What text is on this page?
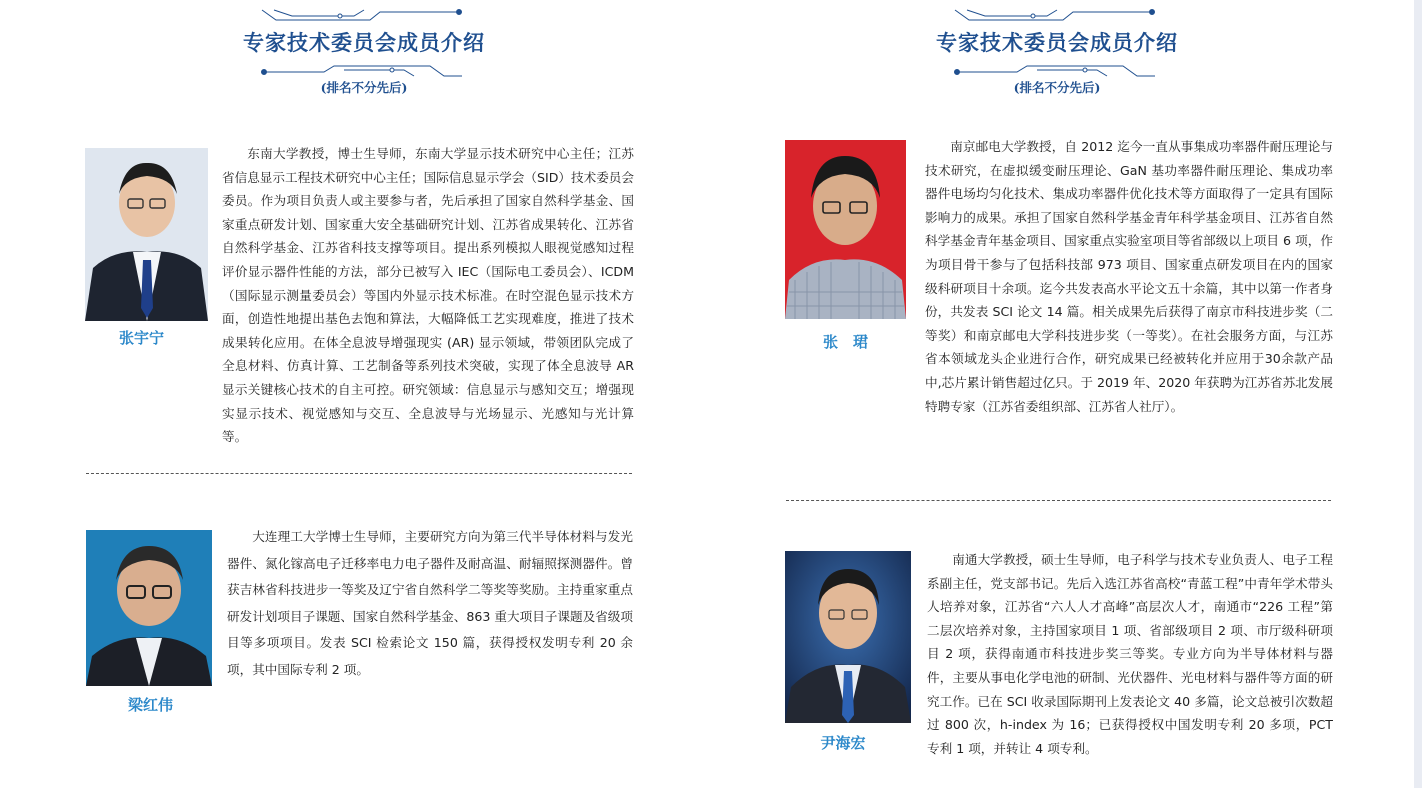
专家技术委员会成员介绍
(排名不分先后)
专家技术委员会成员介绍
(排名不分先后)
张宇宁

东南大学教授，博士生导师，东南大学显示技术研究中心主任；江苏省信息显示工程技术研究中心主任；国际信息显示学会（SID）技术委员会委员。作为项目负责人或主要参与者，先后承担了国家自然科学基金、国家重点研发计划、国家重大安全基础研究计划、江苏省成果转化、江苏省自然科学基金、江苏省科技支撑等项目。提出系列模拟人眼视觉感知过程评价显示器件性能的方法，部分已被写入 IEC（国际电工委员会）、ICDM（国际显示测量委员会）等国内外显示技术标准。在时空混色显示技术方面，创造性地提出基色去饱和算法，大幅降低工艺实现难度，推进了技术成果转化应用。在体全息波导增强现实 (AR) 显示领域，带领团队完成了全息材料、仿真计算、工艺制备等系列技术突破，实现了体全息波导 AR 显示关键核心技术的自主可控。研究领域：信息显示与感知交互；增强现实显示技术、视觉感知与交互、全息波导与光场显示、光感知与光计算等。

梁红伟

大连理工大学博士生导师，主要研究方向为第三代半导体材料与发光器件、氮化镓高电子迁移率电力电子器件及耐高温、耐辐照探测器件。曾获吉林省科技进步一等奖及辽宁省自然科学二等奖等奖励。主持重家重点研发计划项目子课题、国家自然科学基金、863 重大项目子课题及省级项目等多项项目。发表 SCI 检索论文 150 篇，获得授权发明专利 20 余项，其中国际专利 2 项。

张　珺

南京邮电大学教授，自 2012 迄今一直从事集成功率器件耐压理论与技术研究，在虚拟缓变耐压理论、GaN 基功率器件耐压理论、集成功率器件电场均匀化技术、集成功率器件优化技术等方面取得了一定具有国际影响力的成果。承担了国家自然科学基金青年科学基金项目、江苏省自然科学基金青年基金项目、国家重点实验室项目等省部级以上项目 6 项，作为项目骨干参与了包括科技部 973 项目、国家重点研发项目在内的国家级科研项目十余项。迄今共发表高水平论文五十余篇，其中以第一作者身份，共发表 SCI 论文 14 篇。相关成果先后获得了南京市科技进步奖（二等奖）和南京邮电大学科技进步奖（一等奖）。在社会服务方面，与江苏省本领域龙头企业进行合作，研究成果已经被转化并应用于30余款产品中,芯片累计销售超过亿只。于 2019 年、2020 年获聘为江苏省苏北发展特聘专家（江苏省委组织部、江苏省人社厅）。

尹海宏

南通大学教授，硕士生导师，电子科学与技术专业负责人、电子工程系副主任，党支部书记。先后入选江苏省高校“青蓝工程”中青年学术带头人培养对象，江苏省“六人人才高峰”高层次人才，南通市“226 工程”第二层次培养对象，主持国家项目 1 项、省部级项目 2 项、市厅级科研项目 2 项，获得南通市科技进步奖三等奖。专业方向为半导体材料与器件，主要从事电化学电池的研制、光伏器件、光电材料与器件等方面的研究工作。已在 SCI 收录国际期刊上发表论文 40 多篇，论文总被引次数超过 800 次，h-index 为 16；已获得授权中国发明专利 20 多项，PCT 专利 1 项，并转让 4 项专利。
